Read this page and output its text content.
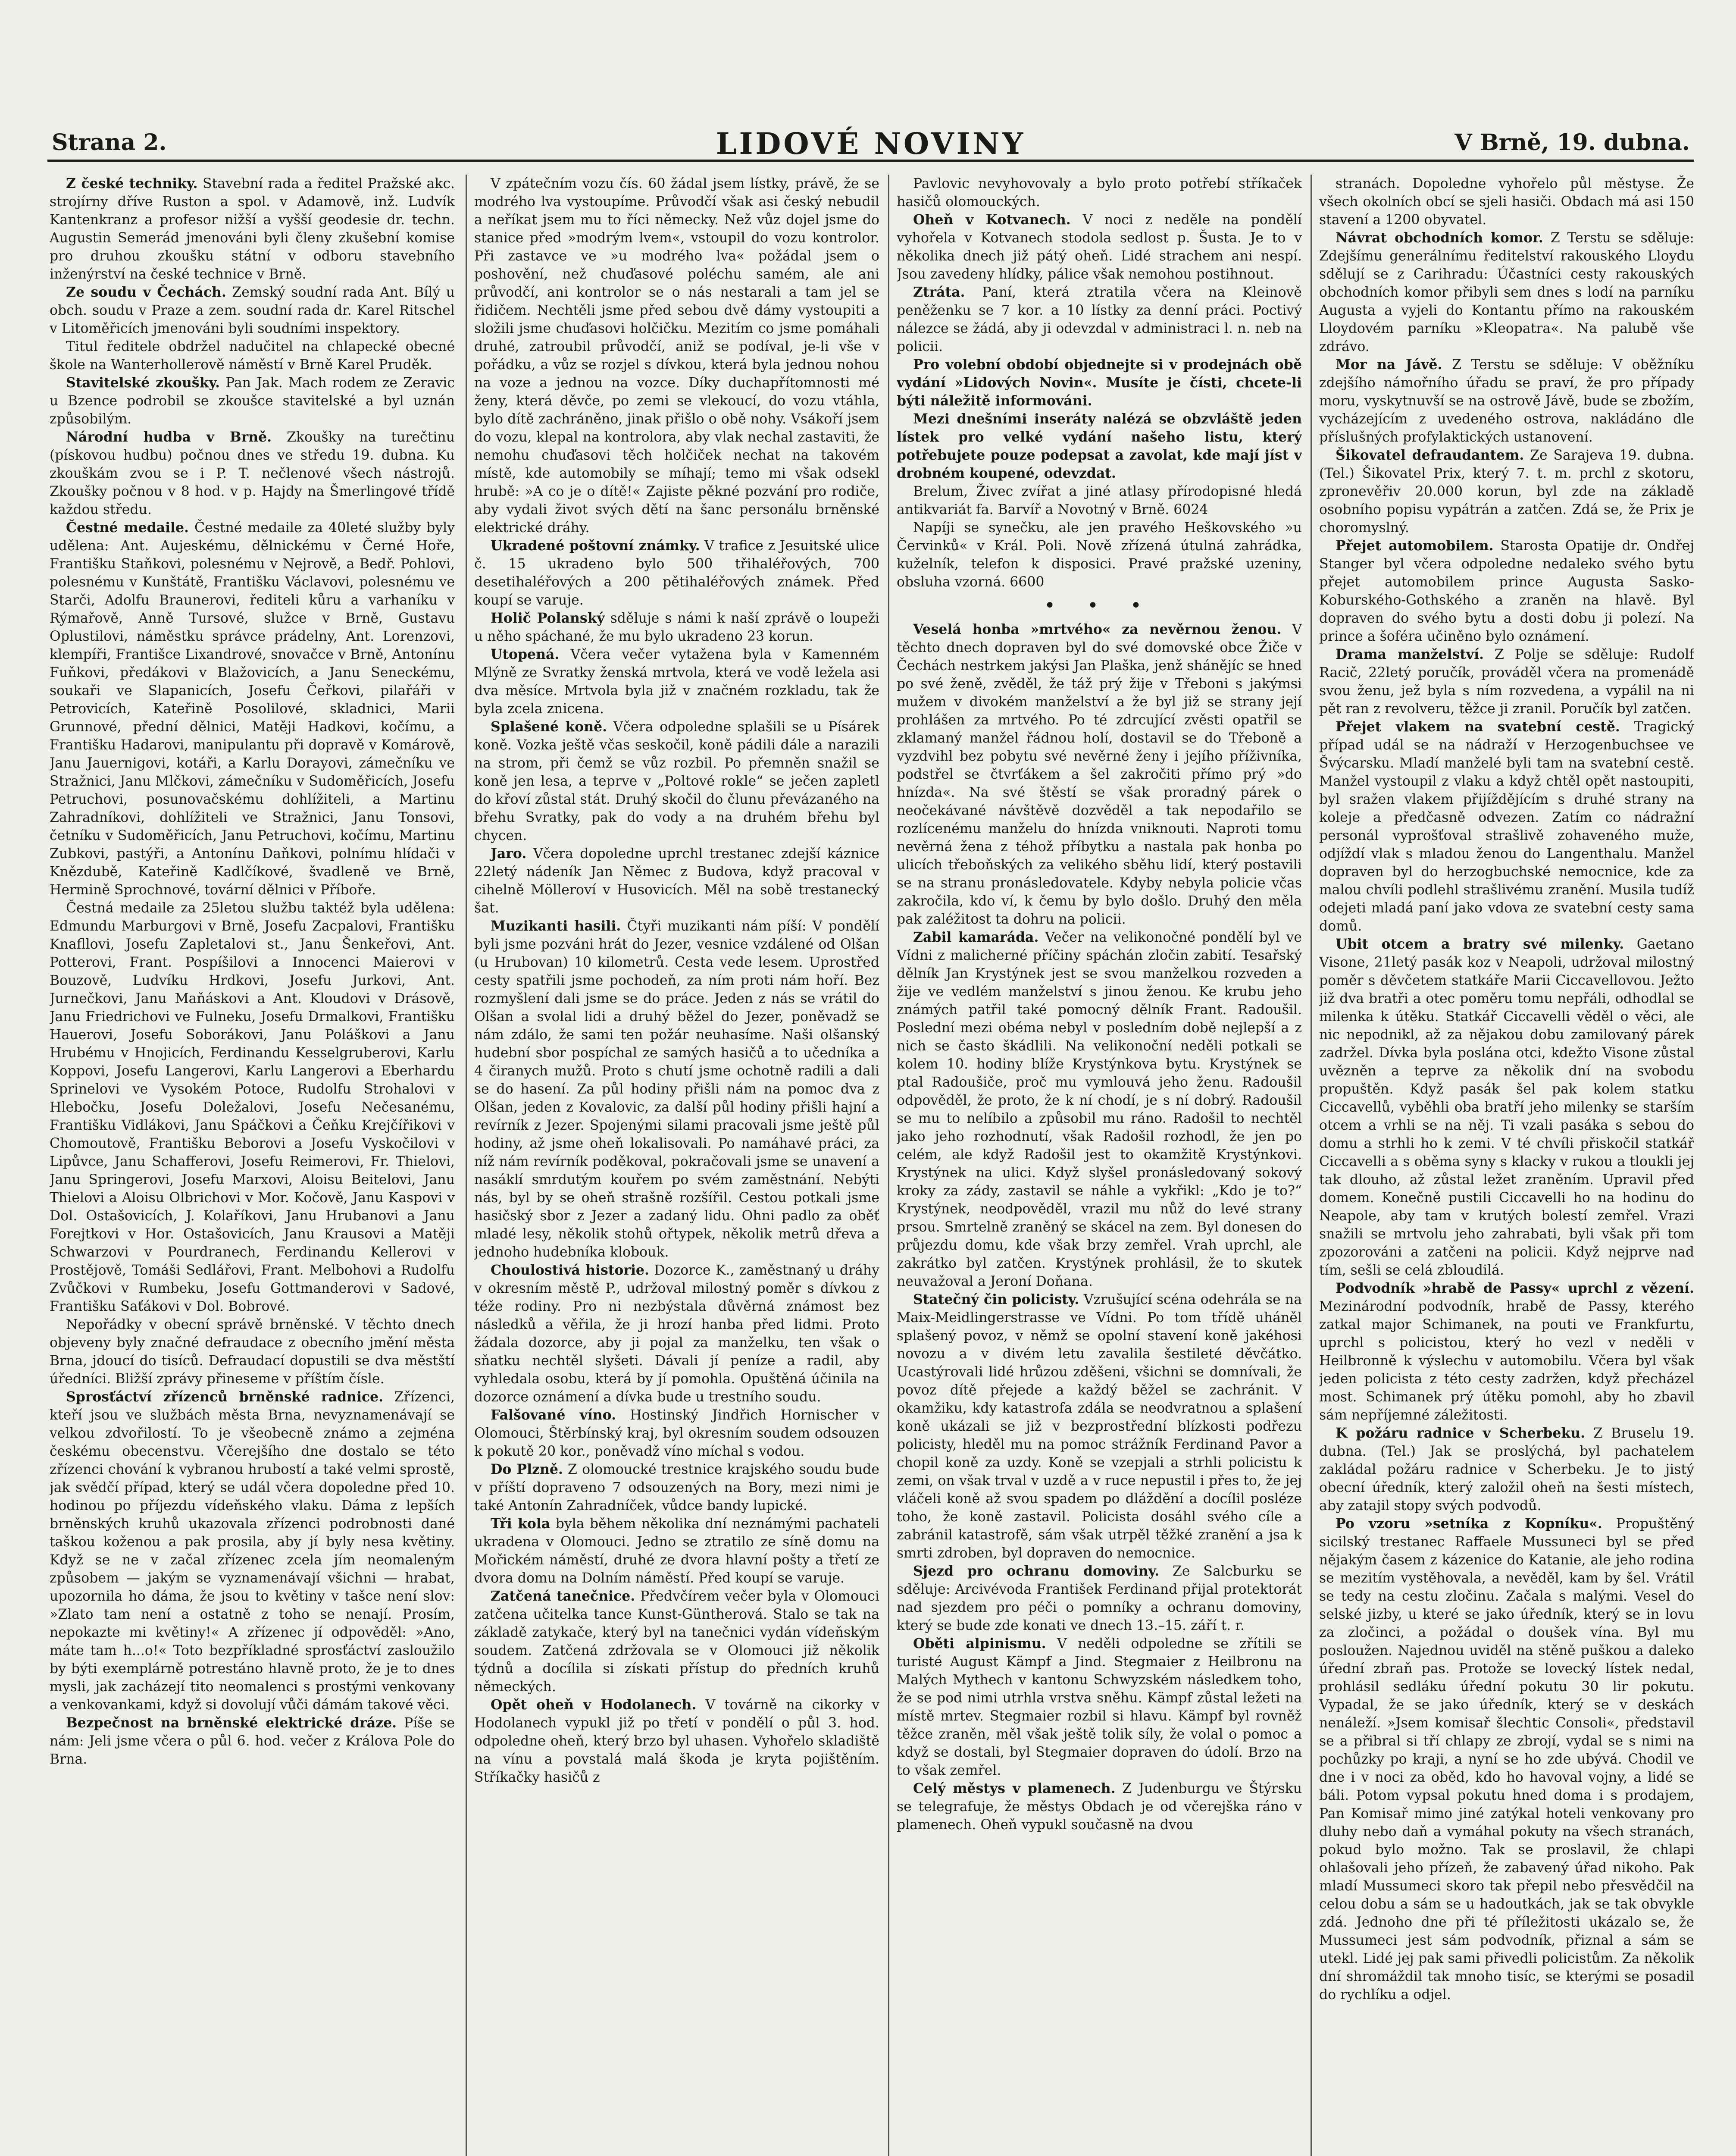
Strana 2.	LIDOVÉ NOVINY	V Brně, 19. dubna.

Z české techniky. Stavební rada a ředitel Pražské akc. strojírny dříve Ruston a spol. v Adamově, inž. Ludvík Kantenkranz a profesor nižší a vyšší geodesie dr. techn. Augustin Semerád jmenováni byli členy zkušební komise pro druhou zkoušku státní v odboru stavebního inženýrství na české technice v Brně.

Ze soudu v Čechách. Zemský soudní rada Ant. Bílý u obch. soudu v Praze a zem. soudní rada dr. Karel Ritschel v Litoměřicích jmenováni byli soudními inspektory.

Titul ředitele obdržel nadučitel na chlapecké obecné škole na Wanterhollerově náměstí v Brně Karel Pruděk.

Stavitelské zkoušky. Pan Jak. Mach rodem ze Zeravic u Bzence podrobil se zkoušce stavitelské a byl uznán způsobilým.

Národní hudba v Brně. Zkoušky na turečtinu (pískovou hudbu) počnou dnes ve středu 19. dubna. Ku zkouškám zvou se i P. T. nečlenové všech nástrojů. Zkoušky počnou v 8 hod. v p. Hajdy na Šmerlingové třídě každou středu.

Čestné medaile. Čestné medaile za 40leté služby byly udělena: Ant. Aujeskému, dělnickému v Černé Hoře, Františku Staňkovi, polesnému v Nejrově, a Bedř. Pohlovi, polesnému v Kunštátě, Františku Václavovi, polesnému ve Starči, Adolfu Braunerovi, řediteli kůru a varhaníku v Rýmařově, Anně Tursové, služce v Brně, Gustavu Oplustilovi, náměstku správce prádelny, Ant. Lorenzovi, klempíři, Františce Lixandrové, snovačce v Brně, Antonínu Fuňkovi, předákovi v Blažovicích, a Janu Seneckému, soukaři ve Slapanicích, Josefu Čeřkovi, pilařáři v Petrovicích, Kateřině Posolilové, skladnici, Marii Grunnové, přední dělnici, Matěji Hadkovi, kočímu, a Františku Hadarovi, manipulantu při dopravě v Komárově, Janu Jauernigovi, kotáři, a Karlu Dorayovi, zámečníku ve Stražnici, Janu Mlčkovi, zámečníku v Sudoměřicích, Josefu Petruchovi, posunovačskému dohlížiteli, a Martinu Zahradníkovi, dohlížiteli ve Stražnici, Janu Tonsovi, četníku v Sudoměřicích, Janu Petruchovi, kočímu, Martinu Zubkovi, pastýři, a Antonínu Daňkovi, polnímu hlídači v Knězdubě, Kateřině Kadlčíkové, švadleně ve Brně, Hermině Sprochnové, tovární dělnici v Příboře.

Čestná medaile za 25letou službu taktéž byla udělena: Edmundu Marburgovi v Brně, Josefu Zacpalovi, Františku Knafllovi, Josefu Zapletalovi st., Janu Šenkeřovi, Ant. Potterovi, Frant. Pospíšilovi a Innocenci Maierovi v Bouzově, Ludvíku Hrdkovi, Josefu Jurkovi, Ant. Jurnečkovi, Janu Maňáskovi a Ant. Kloudovi v Drásově, Janu Friedrichovi ve Fulneku, Josefu Drmalkovi, Františku Hauerovi, Josefu Soborákovi, Janu Poláškovi a Janu Hrubému v Hnojicích, Ferdinandu Kesselgruberovi, Karlu Koppovi, Josefu Langerovi, Karlu Langerovi a Eberhardu Sprinelovi ve Vysokém Potoce, Rudolfu Strohalovi v Hlebočku, Josefu Doležalovi, Josefu Nečesanému, Františku Vidlákovi, Janu Spáčkovi a Čeňku Krejčířikovi v Chomoutově, Františku Beborovi a Josefu Vyskočilovi v Lipůvce, Janu Schafferovi, Josefu Reimerovi, Fr. Thielovi, Janu Springerovi, Josefu Marxovi, Aloisu Beitelovi, Janu Thielovi a Aloisu Olbrichovi v Mor. Kočově, Janu Kaspovi v Dol. Ostašovicích, J. Kolaříkovi, Janu Hrubanovi a Janu Forejtkovi v Hor. Ostašovicích, Janu Krausovi a Matěji Schwarzovi v Pourdranech, Ferdinandu Kellerovi v Prostějově, Tomáši Sedlářovi, Frant. Melbohovi a Rudolfu Zvůčkovi v Rumbeku, Josefu Gottmanderovi v Sadové, Františku Saťákovi v Dol. Bobrové.

Nepořádky v obecní správě brněnské. V těchto dnech objeveny byly značné defraudace z obecního jmění města Brna, jdoucí do tisíců. Defraudací dopustili se dva městští úředníci. Bližší zprávy přineseme v příštím čísle.

Sprosťáctví zřízenců brněnské radnice. Zřízenci, kteří jsou ve službách města Brna, nevyznamenávají se velkou zdvořilostí. To je všeobecně známo a zejména českému obecenstvu. Včerejšího dne dostalo se této zřízenci chování k vybranou hrubostí a také velmi sprostě, jak svědčí případ, který se udál včera dopoledne před 10. hodinou po příjezdu vídeňského vlaku. Dáma z lepších brněnských kruhů ukazovala zřízenci podrobnosti dané taškou koženou a pak prosila, aby jí byly nesa květiny. Když se ne v začal zřízenec zcela jím neomaleným způsobem — jakým se vyznamenávají všichni — hrabat, upozornila ho dáma, že jsou to květiny v tašce není slov: »Zlato tam není a ostatně z toho se nenají. Prosím, nepokazte mi květiny!« A zřízenec jí odpověděl: »Ano, máte tam h...o!« Toto bezpříkladné sprosťáctví zasloužilo by býti exemplárně potrestáno hlavně proto, že je to dnes mysli, jak zacházejí tito neomalenci s prostými venkovany a venkovankami, když si dovolují vůči dámám takové věci.

Bezpečnost na brněnské elektrické dráze. Píše se nám: Jeli jsme včera o půl 6. hod. večer z Králova Pole do Brna.

V zpátečním vozu čís. 60 žádal jsem lístky, právě, že se modrého lva vystoupíme. Průvodčí však asi český nebudil a neříkat jsem mu to říci německy. Než vůz dojel jsme do stanice před »modrým lvem«, vstoupil do vozu kontrolor. Při zastavce ve »u modrého lva« požádal jsem o poshovění, než chuďasové poléchu samém, ale ani průvodčí, ani kontrolor se o nás nestarali a tam jel se řidičem. Nechtěli jsme před sebou dvě dámy vystoupiti a složili jsme chuďasovi holčičku. Mezitím co jsme pomáhali druhé, zatroubil průvodčí, aniž se podíval, je-li vše v pořádku, a vůz se rozjel s dívkou, která byla jednou nohou na voze a jednou na vozce. Díky duchapřítomnosti mé ženy, která děvče, po zemi se vlekoucí, do vozu vtáhla, bylo dítě zachráněno, jinak přišlo o obě nohy. Vsákoří jsem do vozu, klepal na kontrolora, aby vlak nechal zastaviti, že nemohu chuďasovi těch holčiček nechat na takovém místě, kde automobily se míhají; temo mi však odsekl hrubě: »A co je o dítě!« Zajiste pěkné pozvání pro rodiče, aby vydali život svých dětí na šanc personálu brněnské elektrické dráhy.

Ukradené poštovní známky. V trafice z Jesuitské ulice č. 15 ukradeno bylo 500 třihaléřových, 700 desetihaléřových a 200 pětihaléřových známek. Před koupí se varuje.

Holič Polanský sděluje s námi k naší zprávě o loupeži u něho spáchané, že mu bylo ukradeno 23 korun.

Utopená. Včera večer vytažena byla v Kamenném Mlýně ze Svratky ženská mrtvola, která ve vodě ležela asi dva měsíce. Mrtvola byla již v značném rozkladu, tak že byla zcela znicena.

Splašené koně. Včera odpoledne splašili se u Písárek koně. Vozka ještě včas seskočil, koně pádili dále a narazili na strom, při čemž se vůz rozbil. Po přemněn snažil se koně jen lesa, a teprve v „Poltové rokle“ se ječen zapletl do křoví zůstal stát. Druhý skočil do člunu převázaného na břehu Svratky, pak do vody a na druhém břehu byl chycen.

Jaro. Včera dopoledne uprchl trestanec zdejší káznice 22letý nádeník Jan Němec z Budova, když pracoval v cihelně Mölleroví v Husovicích. Měl na sobě trestanecký šat.

Muzikanti hasili. Čtyři muzikanti nám píší: V pondělí byli jsme pozváni hrát do Jezer, vesnice vzdálené od Olšan (u Hrubovan) 10 kilometrů. Cesta vede lesem. Uprostřed cesty spatřili jsme pochodeň, za ním proti nám hoří. Bez rozmyšlení dali jsme se do práce. Jeden z nás se vrátil do Olšan a svolal lidi a druhý běžel do Jezer, poněvadž se nám zdálo, že sami ten požár neuhasíme. Naši olšanský hudební sbor pospíchal ze samých hasičů a to učedníka a 4 čiranych mužů. Proto s chutí jsme ochotně radili a dali se do hasení. Za půl hodiny přišli nám na pomoc dva z Olšan, jeden z Kovalovic, za další půl hodiny přišli hajní a revírník z Jezer. Spojenými silami pracovali jsme ještě půl hodiny, až jsme oheň lokalisovali. Po namáhavé práci, za níž nám revírník poděkoval, pokračovali jsme se unavení a nasáklí smrdutým kouřem po svém zaměstnání. Nebýti nás, byl by se oheň strašně rozšířil. Cestou potkali jsme hasičský sbor z Jezer a zadaný lidu. Ohni padlo za oběť mladé lesy, několik stohů ořtypek, několik metrů dřeva a jednoho hudebníka klobouk.

Choulostivá historie. Dozorce K., zaměstnaný u dráhy v okresním městě P., udržoval milostný poměr s dívkou z téže rodiny. Pro ni nezbýstala důvěrná známost bez následků a věřila, že ji hrozí hanba před lidmi. Proto žádala dozorce, aby ji pojal za manželku, ten však o sňatku nechtěl slyšeti. Dávali jí peníze a radil, aby vyhledala osobu, která by jí pomohla. Opuštěná účinila na dozorce oznámení a dívka bude u trestního soudu.

Falšované víno. Hostinský Jindřich Hornischer v Olomouci, Štěrbínský kraj, byl okresním soudem odsouzen k pokutě 20 kor., poněvadž víno míchal s vodou.

Do Plzně. Z olomoucké trestnice krajského soudu bude v příští dopraveno 7 odsouzených na Bory, mezi nimi je také Antonín Zahradníček, vůdce bandy lupické.

Tři kola byla během několika dní neznámými pachateli ukradena v Olomouci. Jedno se ztratilo ze síně domu na Mořickém náměstí, druhé ze dvora hlavní pošty a třetí ze dvora domu na Dolním náměstí. Před koupí se varuje.

Zatčená tanečnice. Předvčírem večer byla v Olomouci zatčena učitelka tance Kunst-Güntherová. Stalo se tak na základě zatykače, který byl na tanečnici vydán vídeňským soudem. Zatčená zdržovala se v Olomouci již několik týdnů a docílila si získati přístup do předních kruhů německých.

Opět oheň v Hodolanech. V továrně na cikorky v Hodolanech vypukl již po třetí v pondělí o půl 3. hod. odpoledne oheň, který brzo byl uhasen. Vyhořelo skladiště na vínu a povstalá malá škoda je kryta pojištěním. Stříkačky hasičů z

Pavlovic nevyhovovaly a bylo proto potřebí stříkaček hasičů olomouckých.

Oheň v Kotvanech. V noci z neděle na pondělí vyhořela v Kotvanech stodola sedlost p. Šusta. Je to v několika dnech již pátý oheň. Lidé strachem ani nespí. Jsou zavedeny hlídky, pálice však nemohou postihnout.

Ztráta. Paní, která ztratila včera na Kleinově peněženku se 7 kor. a 10 lístky za denní práci. Poctivý nálezce se žádá, aby ji odevzdal v administraci l. n. neb na policii.

Pro volební období objednejte si v prodejnách obě vydání »Lidových Novin«. Musíte je čísti, chcete-li býti náležitě informováni.

Mezi dnešními inseráty nalézá se obzvláště jeden lístek pro velké vydání našeho listu, který potřebujete pouze podepsat a zavolat, kde mají jíst v drobném koupené, odevzdat.

Brelum, Živec zvířat a jiné atlasy přírodopisné hledá antikvariát fa. Barvíř a Novotný v Brně. 6024

Napíji se synečku, ale jen pravého Heškovského »u Červinků« v Král. Poli. Nově zřízená útulná zahrádka, kuželník, telefon k disposici. Pravé pražské uzeniny, obsluha vzorná. 6600

• • •

Veselá honba »mrtvého« za nevěrnou ženou. V těchto dnech dopraven byl do své domovské obce Žiče v Čechách nestrkem jakýsi Jan Plaška, jenž shánějíc se hned po své ženě, zvěděl, že táž prý žije v Třeboni s jakýmsi mužem v divokém manželství a že byl již se strany její prohlášen za mrtvého. Po té zdrcující zvěsti opatřil se zklamaný manžel řádnou holí, dostavil se do Třeboně a vyzdvihl bez pobytu své nevěrné ženy i jejího příživníka, podstřel se čtvrťákem a šel zakročiti přímo prý »do hnízda«. Na své štěstí se však proradný párek o neočekávané návštěvě dozvěděl a tak nepodařilo se rozlícenému manželu do hnízda vniknouti. Naproti tomu nevěrná žena z téhož příbytku a nastala pak honba po ulicích třeboňských za velikého sběhu lidí, který postavili se na stranu pronásledovatele. Kdyby nebyla policie včas zakročila, kdo ví, k čemu by bylo došlo. Druhý den měla pak zaléžitost ta dohru na policii.

Zabil kamaráda. Večer na velikonočné pondělí byl ve Vídni z malicherné příčiny spáchán zločin zabití. Tesařský dělník Jan Krystýnek jest se svou manželkou rozveden a žije ve vedlém manželství s jinou ženou. Ke krubu jeho známých patřil také pomocný dělník Frant. Radoušil. Poslední mezi obéma nebyl v posledním době nejlepší a z nich se často škádlili. Na velikonoční neděli potkali se kolem 10. hodiny blíže Krystýnkova bytu. Krystýnek se ptal Radoušiče, proč mu vymlouvá jeho ženu. Radoušil odpověděl, že proto, že k ní chodí, je s ní dobrý. Radoušil se mu to nelíbilo a způsobil mu ráno. Radošil to nechtěl jako jeho rozhodnutí, však Radošil rozhodl, že jen po celém, ale když Radošil jest to okamžitě Krystýnkovi. Krystýnek na ulici. Když slyšel pronásledovaný sokový kroky za zády, zastavil se náhle a vykřikl: „Kdo je to?“ Krystýnek, neodpověděl, vrazil mu nůž do levé strany prsou. Smrtelně zraněný se skácel na zem. Byl donesen do průjezdu domu, kde však brzy zemřel. Vrah uprchl, ale zakrátko byl zatčen. Krystýnek prohlásil, že to skutek neuvažoval a Jeroní Doňana.

Statečný čin policisty. Vzrušující scéna odehrála se na Maix-Meidlingerstrasse ve Vídni. Po tom třídě uháněl splašený povoz, v němž se opolní stavení koně jakéhosi novozu a v divém letu zavalila šestileté děvčátko. Ucastýrovali lidé hrůzou zděšeni, všichni se domnívali, že povoz dítě přejede a každý běžel se zachránit. V okamžiku, kdy katastrofa zdála se neodvratnou a splašení koně ukázali se již v bezprostřední blízkosti podřezu policisty, hleděl mu na pomoc strážník Ferdinand Pavor a chopil koně za uzdy. Koně se vzepjali a strhli policistu k zemi, on však trval v uzdě a v ruce nepustil i přes to, že jej vláčeli koně až svou spadem po dláždění a docílil posléze toho, že koně zastavil. Policista dosáhl svého cíle a zabránil katastrofě, sám však utrpěl těžké zranění a jsa k smrti zdroben, byl dopraven do nemocnice.

Sjezd pro ochranu domoviny. Ze Salcburku se sděluje: Arcivévoda František Ferdinand přijal protektorát nad sjezdem pro péči o pomníky a ochranu domoviny, který se bude zde konati ve dnech 13.–15. září t. r.

Oběti alpinismu. V neděli odpoledne se zřítili se turisté August Kämpf a Jind. Stegmaier z Heilbronu na Malých Mythech v kantonu Schwyzském následkem toho, že se pod nimi utrhla vrstva sněhu. Kämpf zůstal ležeti na místě mrtev. Stegmaier rozbil si hlavu. Kämpf byl rovněž těžce zraněn, měl však ještě tolik síly, že volal o pomoc a když se dostali, byl Stegmaier dopraven do údolí. Brzo na to však zemřel.

Celý městys v plamenech. Z Judenburgu ve Štýrsku se telegrafuje, že městys Obdach je od včerejška ráno v plamenech. Oheň vypukl současně na dvou

stranách. Dopoledne vyhořelo půl městyse. Že všech okolních obcí se sjeli hasiči. Obdach má asi 150 stavení a 1200 obyvatel.

Návrat obchodních komor. Z Terstu se sděluje: Zdejšímu generálnímu ředitelství rakouského Lloydu sdělují se z Carihradu: Účastníci cesty rakouských obchodních komor přibyli sem dnes s lodí na parníku Augusta a vyjeli do Kontantu přímo na rakouském Lloydovém parníku »Kleopatra«. Na palubě vše zdrávo.

Mor na Jávě. Z Terstu se sděluje: V oběžníku zdejšího námořního úřadu se praví, že pro případy moru, vyskytnuvší se na ostrově Jávě, bude se zbožím, vycházejícím z uvedeného ostrova, nakládáno dle příslušných profylaktických ustanovení.

Šikovatel defraudantem. Ze Sarajeva 19. dubna. (Tel.) Šikovatel Prix, který 7. t. m. prchl z skotoru, zpronevěřiv 20.000 korun, byl zde na základě osobního popisu vypátrán a zatčen. Zdá se, že Prix je choromyslný.

Přejet automobilem. Starosta Opatije dr. Ondřej Stanger byl včera odpoledne nedaleko svého bytu přejet automobilem prince Augusta Sasko-Koburského-Gothského a zraněn na hlavě. Byl dopraven do svého bytu a dosti dobu ji polezí. Na prince a šoféra učiněno bylo oznámení.

Drama manželství. Z Polje se sděluje: Rudolf Racič, 22letý poručík, prováděl včera na promenádě svou ženu, jež byla s ním rozvedena, a vypálil na ni pět ran z revolveru, těžce ji zranil. Poručík byl zatčen.

Přejet vlakem na svatební cestě. Tragický případ udál se na nádraží v Herzogenbuchsee ve Švýcarsku. Mladí manželé byli tam na svatební cestě. Manžel vystoupil z vlaku a když chtěl opět nastoupiti, byl sražen vlakem přijíždějícím s druhé strany na koleje a předčasně odvezen. Zatím co nádražní personál vyprošťoval strašlivě zohaveného muže, odjíždí vlak s mladou ženou do Langenthalu. Manžel dopraven byl do herzogbuchské nemocnice, kde za malou chvíli podlehl strašlivému zranění. Musila tudíž odejeti mladá paní jako vdova ze svatební cesty sama domů.

Ubit otcem a bratry své milenky. Gaetano Visone, 21letý pasák koz v Neapoli, udržoval milostný poměr s děvčetem statkáře Marii Ciccavellovou. Ježto již dva bratři a otec poměru tomu nepřáli, odhodlal se milenka k útěku. Statkář Ciccavelli věděl o věci, ale nic nepodnikl, až za nějakou dobu zamilovaný párek zadržel. Dívka byla poslána otci, kdežto Visone zůstal uvězněn a teprve za několik dní na svobodu propuštěn. Když pasák šel pak kolem statku Ciccavellů, vyběhli oba bratří jeho milenky se starším otcem a vrhli se na něj. Ti vzali pasáka s sebou do domu a strhli ho k zemi. V té chvíli přiskočil statkář Ciccavelli a s oběma syny s klacky v rukou a tloukli jej tak dlouho, až zůstal ležet zraněním. Upravil před domem. Konečně pustili Ciccavelli ho na hodinu do Neapole, aby tam v krutých bolestí zemřel. Vrazi snažili se mrtvolu jeho zahrabati, byli však při tom zpozorováni a zatčeni na policii. Když nejprve nad tím, sešli se celá zbloudilá.

Podvodník »hrabě de Passy« uprchl z vězení. Mezinárodní podvodník, hrabě de Passy, kterého zatkal major Schimanek, na pouti ve Frankfurtu, uprchl s policistou, který ho vezl v neděli v Heilbronně k výslechu v automobilu. Včera byl však jeden policista z této cesty zadržen, když přecházel most. Schimanek prý útěku pomohl, aby ho zbavil sám nepříjemné záležitosti.

K požáru radnice v Scherbeku. Z Bruselu 19. dubna. (Tel.) Jak se proslýchá, byl pachatelem zakládal požáru radnice v Scherbeku. Je to jistý obecní úředník, který založil oheň na šesti místech, aby zatajil stopy svých podvodů.

Po vzoru »setníka z Kopníku«. Propuštěný sicilský trestanec Raffaele Mussuneci byl se před nějakým časem z kázenice do Katanie, ale jeho rodina se mezitím vystěhovala, a nevěděl, kam by šel. Vrátil se tedy na cestu zločinu. Začala s malými. Vesel do selské jizby, u které se jako úředník, který se in lovu za zločinci, a požádal o doušek vína. Byl mu posloužen. Najednou uviděl na stěně puškou a daleko úřední zbraň pas. Protože se lovecký lístek nedal, prohlásil sedláku úřední pokutu 30 lir pokutu. Vypadal, že se jako úředník, který se v deskách nenáleží. »Jsem komisař šlechtic Consoli«, představil se a přibral si tří chlapy ze zbrojí, vydal se s nimi na pochůzky po kraji, a nyní se ho zde ubývá. Chodil ve dne i v noci za oběd, kdo ho havoval vojny, a lidé se báli. Potom vypsal pokutu hned doma i s prodajem, Pan Komisař mimo jiné zatýkal hoteli venkovany pro dluhy nebo daň a vymáhal pokuty na všech stranách, pokud bylo možno. Tak se proslavil, že chlapi ohlašovali jeho přízeň, že zabavený úřad nikoho. Pak mladí Mussumeci skoro tak přepil nebo přesvědčil na celou dobu a sám se u hadoutkách, jak se tak obvykle zdá. Jednoho dne při té příležitosti ukázalo se, že Mussumeci jest sám podvodník, přiznal a sám se utekl. Lidé jej pak sami přivedli policistům. Za několik dní shromáždil tak mnoho tisíc, se kterými se posadil do rychlíku a odjel.
